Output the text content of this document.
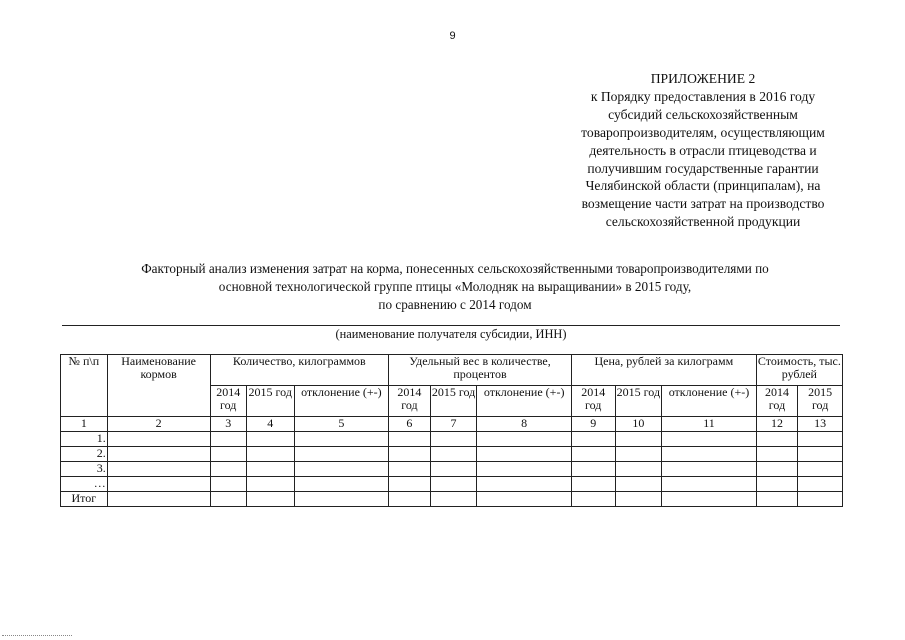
9
ПРИЛОЖЕНИЕ 2
к Порядку предоставления в 2016 году
субсидий сельскохозяйственным
товаропроизводителям, осуществляющим
деятельность в отрасли птицеводства и
получившим государственные гарантии
Челябинской области (принципалам), на
возмещение части затрат на производство
сельскохозяйственной продукции
Факторный анализ изменения затрат на корма, понесенных сельскохозяйственными товаропроизводителями по
основной технологической группе птицы «Молодняк на выращивании» в 2015 году,
по сравнению с 2014 годом
(наименование получателя субсидии, ИНН)
№ п\п	Наименование кормов	Количество, килограммов			Удельный вес в количестве, процентов			Цена, рублей за килограмм			Стоимость, тыс. рублей	
		2014 год	2015 год	отклонение (+-)	2014 год	2015 год	отклонение (+-)	2014 год	2015 год	отклонение (+-)	2014 год	2015 год
1	2	3	4	5	6	7	8	9	10	11	12	13
1.												
2.												
3.												
…												
Итог												
